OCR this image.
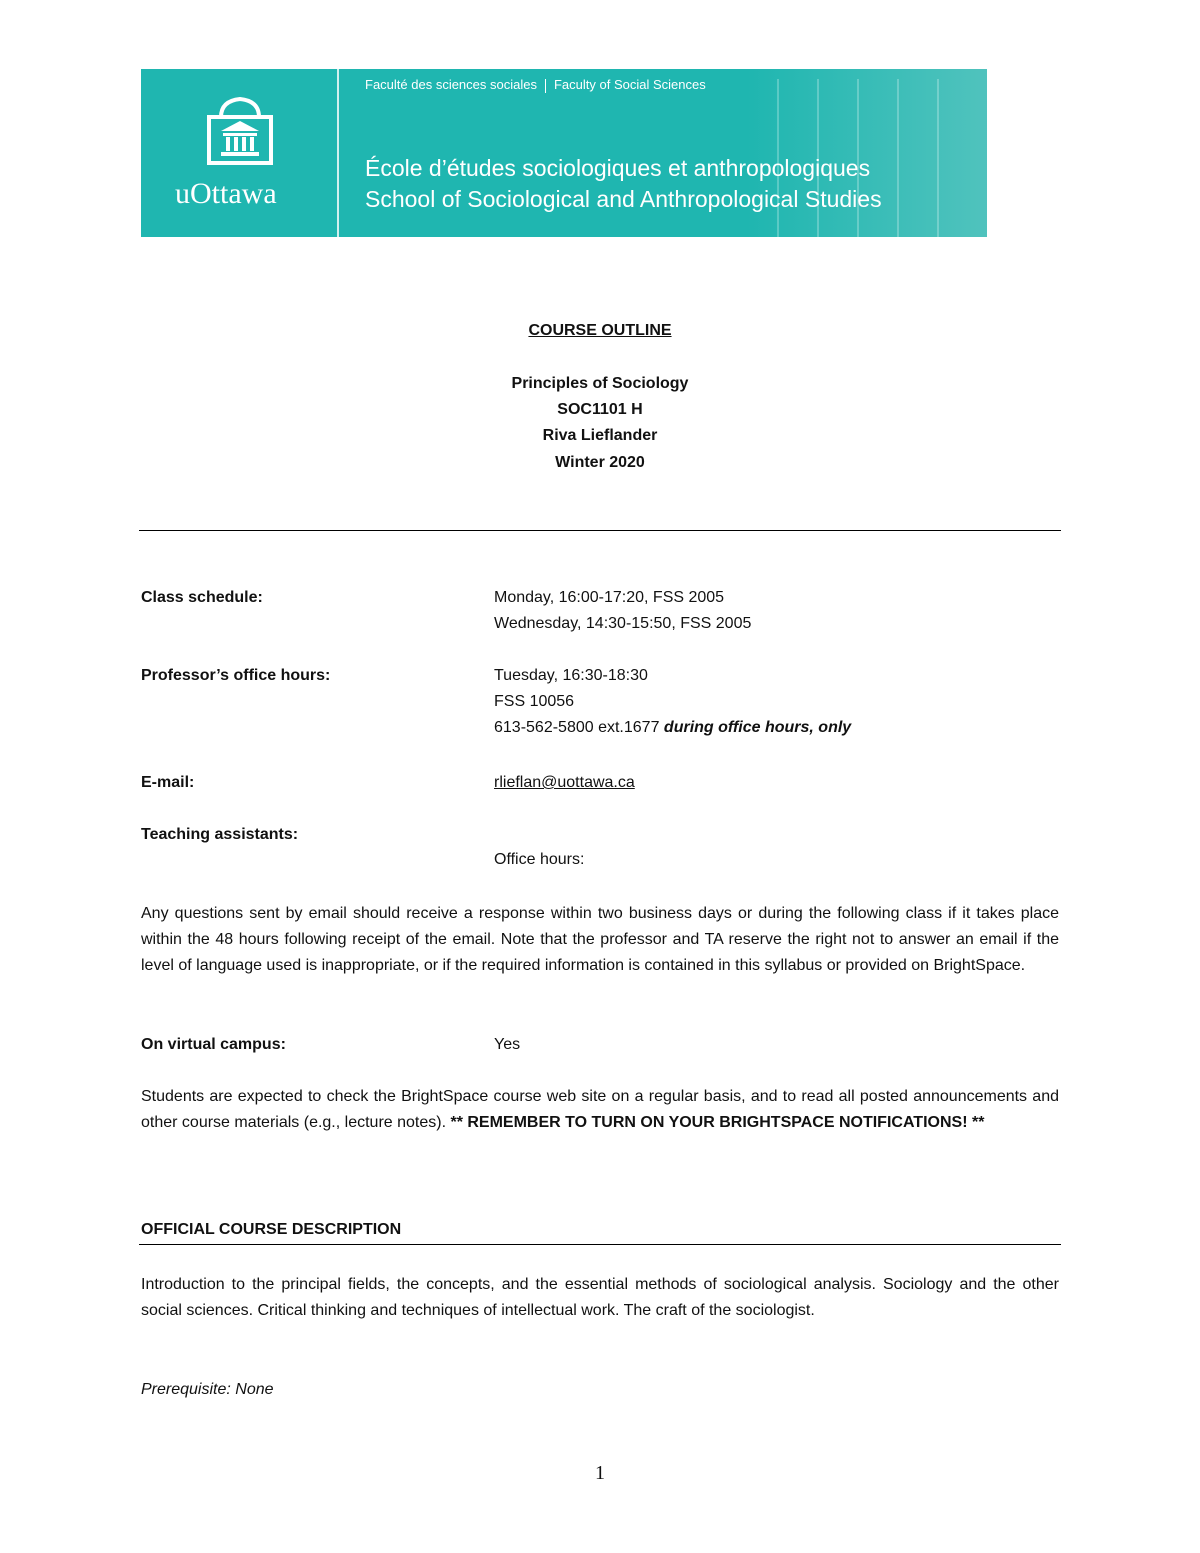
uOttawa
Faculté des sciences sociales Faculty of Social Sciences
École d’études sociologiques et anthropologiques
School of Sociological and Anthropological Studies
COURSE OUTLINE
Principles of Sociology
SOC1101 H
Riva Lieflander
Winter 2020
Class schedule:	Monday, 16:00-17:20, FSS 2005
Wednesday, 14:30-15:50, FSS 2005
Professor’s office hours:	Tuesday, 16:30-18:30
FSS 10056
613-562-5800 ext.1677 during office hours, only
E-mail:	rlieflan@uottawa.ca
Teaching assistants:
Office hours:
Any questions sent by email should receive a response within two business days or during the following class if it takes place within the 48 hours following receipt of the email. Note that the professor and TA reserve the right not to answer an email if the level of language used is inappropriate, or if the required information is contained in this syllabus or provided on BrightSpace.
On virtual campus:	Yes
Students are expected to check the BrightSpace course web site on a regular basis, and to read all posted announcements and other course materials (e.g., lecture notes). ** REMEMBER TO TURN ON YOUR BRIGHTSPACE NOTIFICATIONS! **
OFFICIAL COURSE DESCRIPTION
Introduction to the principal fields, the concepts, and the essential methods of sociological analysis. Sociology and the other social sciences. Critical thinking and techniques of intellectual work. The craft of the sociologist.
Prerequisite: None
1
